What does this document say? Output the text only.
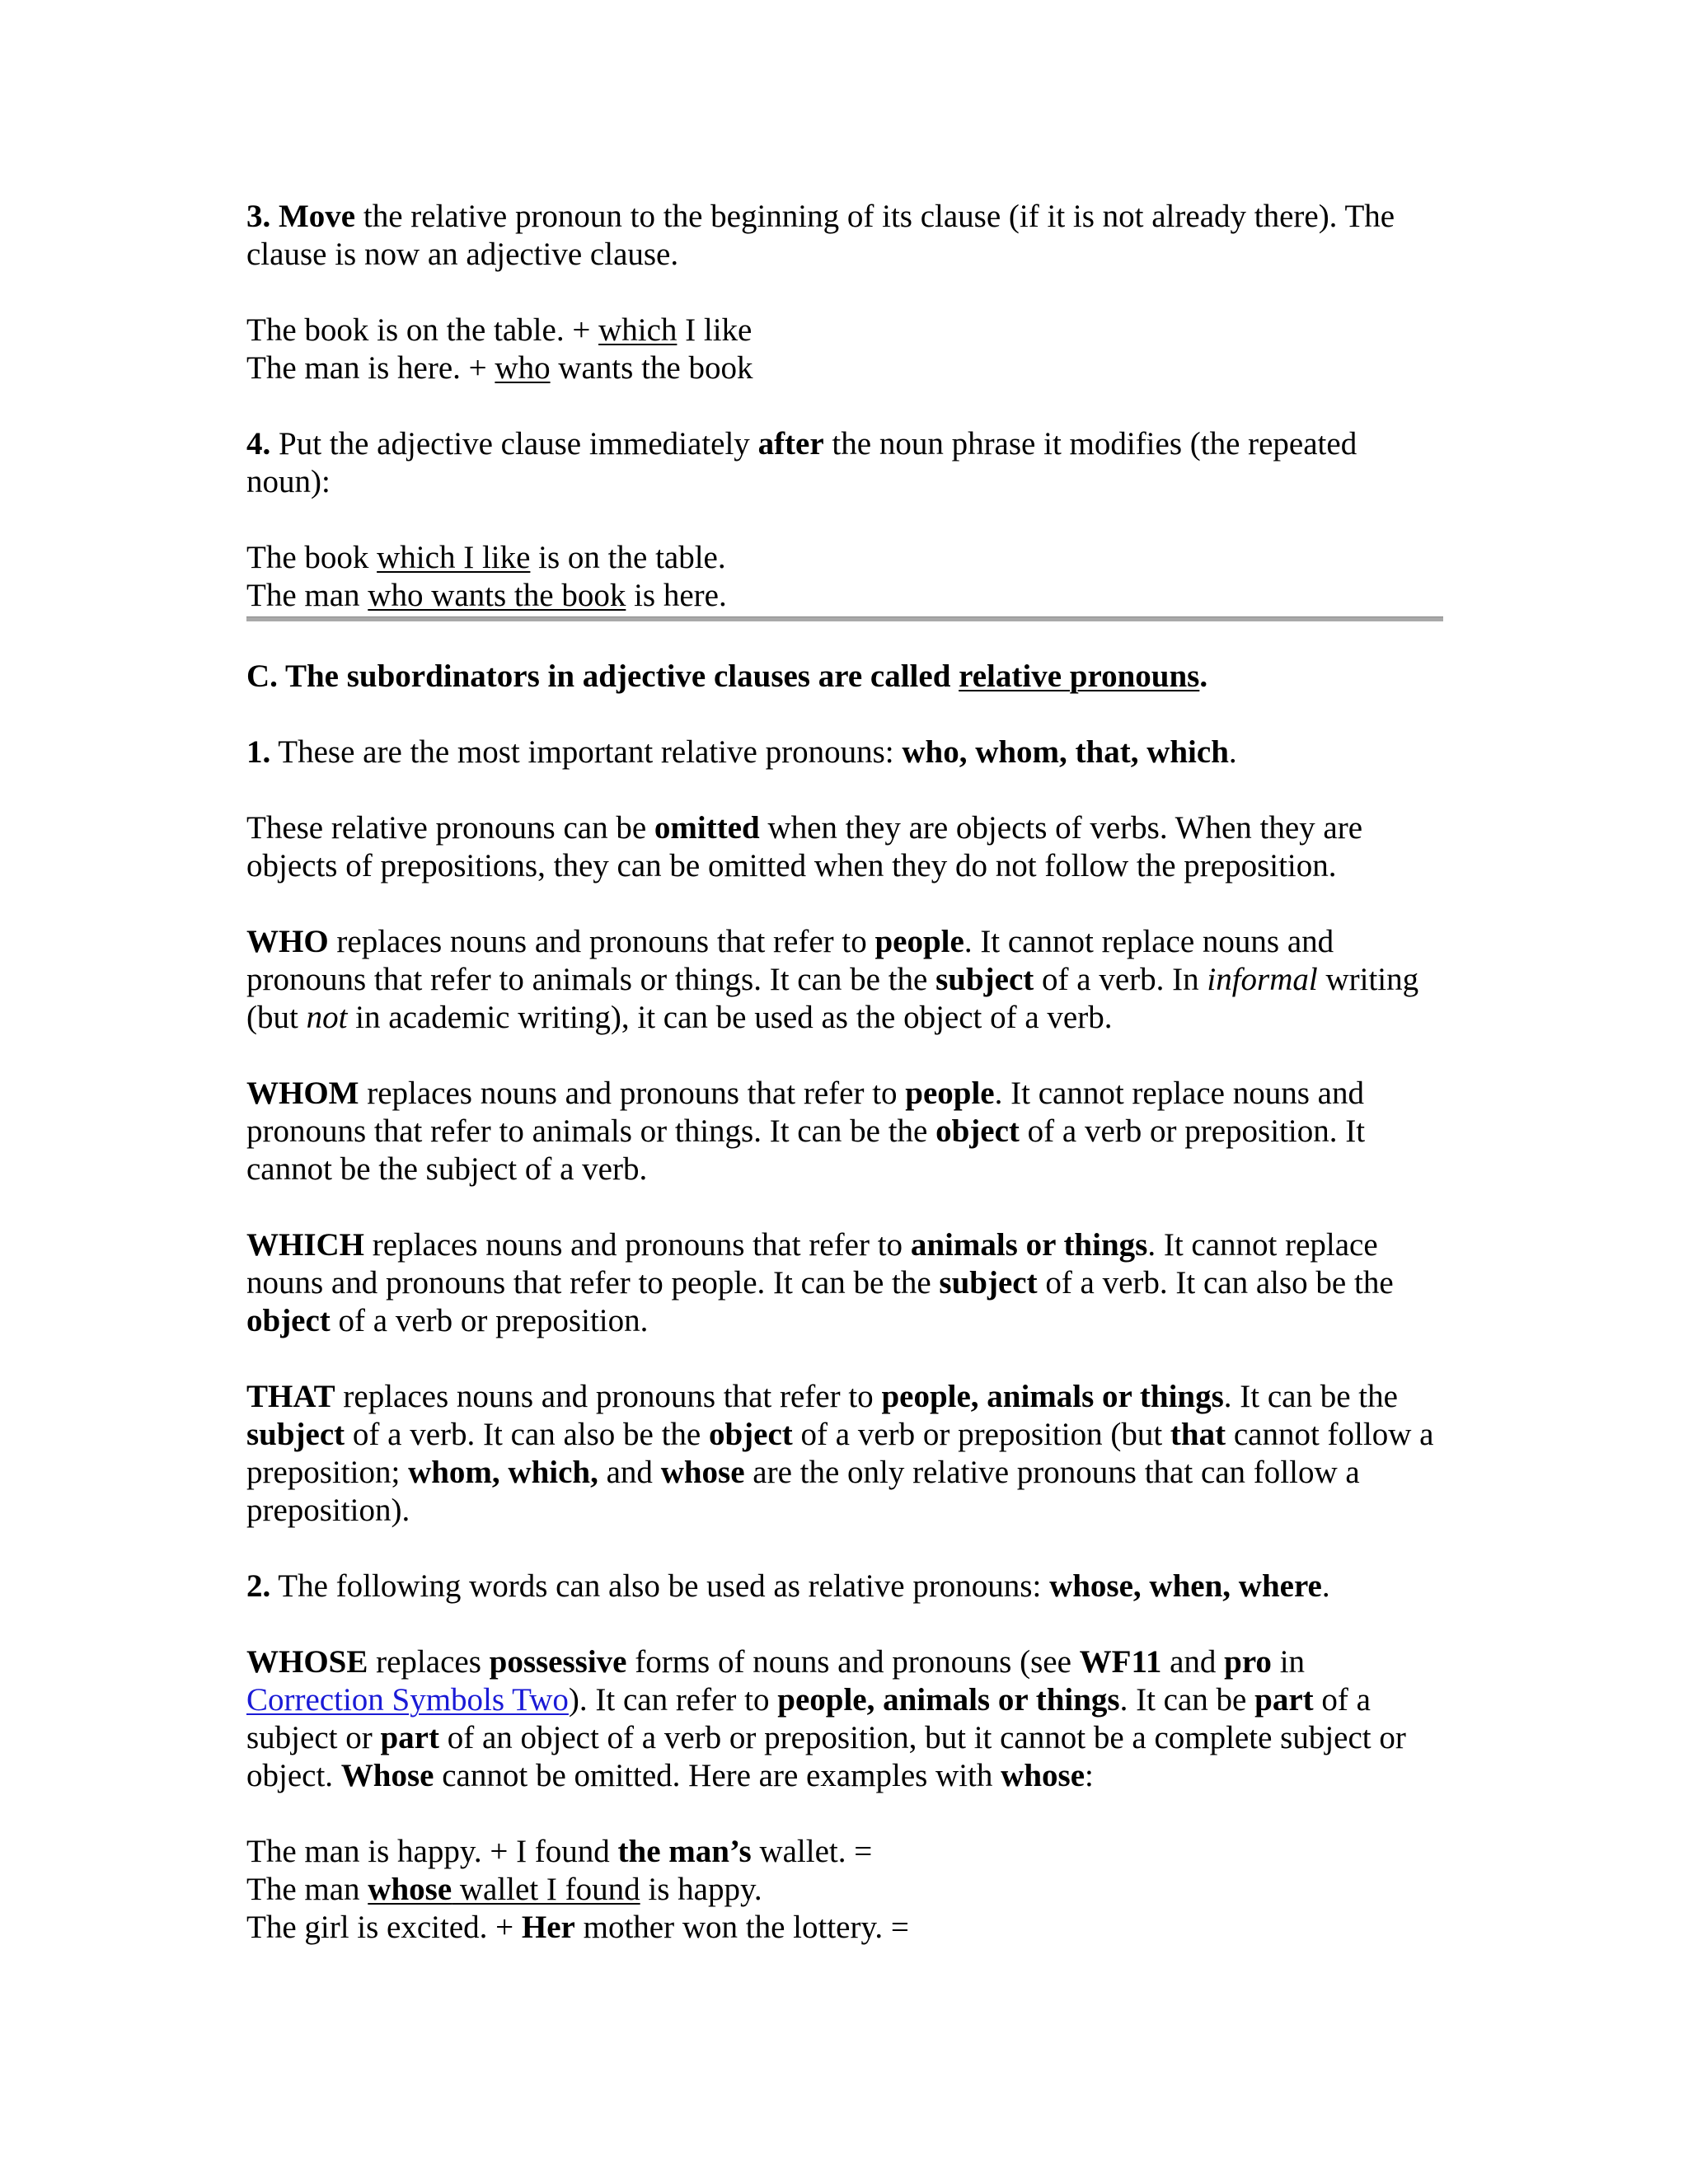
3. Move the relative pronoun to the beginning of its clause (if it is not already there). The clause is now an adjective clause.

The book is on the table. + which I like
The man is here. + who wants the book

4. Put the adjective clause immediately after the noun phrase it modifies (the repeated noun):

The book which I like is on the table.
The man who wants the book is here.

C. The subordinators in adjective clauses are called relative pronouns.

1. These are the most important relative pronouns: who, whom, that, which.

These relative pronouns can be omitted when they are objects of verbs. When they are objects of prepositions, they can be omitted when they do not follow the preposition.

WHO replaces nouns and pronouns that refer to people. It cannot replace nouns and pronouns that refer to animals or things. It can be the subject of a verb. In informal writing (but not in academic writing), it can be used as the object of a verb.

WHOM replaces nouns and pronouns that refer to people. It cannot replace nouns and pronouns that refer to animals or things. It can be the object of a verb or preposition. It cannot be the subject of a verb.

WHICH replaces nouns and pronouns that refer to animals or things. It cannot replace nouns and pronouns that refer to people. It can be the subject of a verb. It can also be the object of a verb or preposition.

THAT replaces nouns and pronouns that refer to people, animals or things. It can be the subject of a verb. It can also be the object of a verb or preposition (but that cannot follow a preposition; whom, which, and whose are the only relative pronouns that can follow a preposition).

2. The following words can also be used as relative pronouns: whose, when, where.

WHOSE replaces possessive forms of nouns and pronouns (see WF11 and pro in Correction Symbols Two). It can refer to people, animals or things. It can be part of a subject or part of an object of a verb or preposition, but it cannot be a complete subject or object. Whose cannot be omitted. Here are examples with whose:

The man is happy. + I found the man’s wallet. =
The man whose wallet I found is happy.
The girl is excited. + Her mother won the lottery. =
